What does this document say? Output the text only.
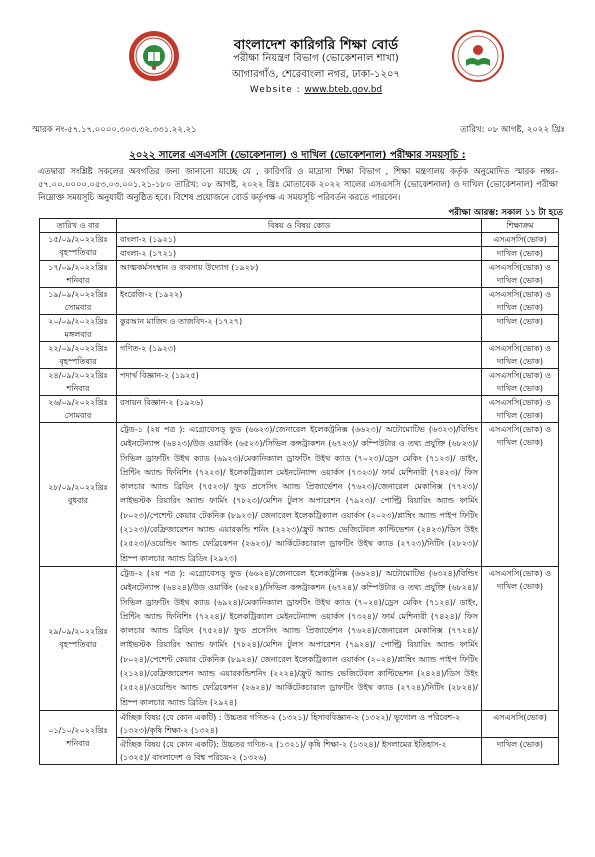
বাংলাদেশ কারিগরি শিক্ষা বোর্ড
পরীক্ষা নিয়ন্ত্রণ বিভাগ (ভোকেশনাল শাখা)
আগারগাঁও, শেরেবাংলা নগর, ঢাকা-১২০৭
Website : www.bteb.gov.bd
স্মারক নং-৫৭.১৭.০০০০.৩০৩.৩২.৩৩১.২২.২১	তারিখ: ০৮ আগষ্ট, ২০২২ খ্রিঃ
২০২২ সালের এসএসসি (ভোকেশনাল) ও দাখিল (ভোকেশনাল) পরীক্ষার সময়সূচি :
এতদ্বারা সংশ্লিষ্ট সকলের অবগতির জন্য জানানো যাচ্ছে যে , কারিগরি ও মাদ্রাসা শিক্ষা বিভাগ , শিক্ষা মন্ত্রণালয় কর্তৃক অনুমোদিত স্মারক নম্বর- ৫৭.০০.০০০০.০৫৩.০৩.০০১.২১-১৮০ তারিখ: ০৮ আগষ্ট, ২০২২ খ্রিঃ মোতাবেক ২০২২ সালের এসএসসি (ভোকেশনাল) ও দাখিল (ভোকেশনাল) পরীক্ষা নিম্নোক্ত সময়সূচি অনুযায়ী অনুষ্ঠিত হবে। বিশেষ প্রয়োজনে বোর্ড কর্তৃপক্ষ এ সময়সূচি পরিবর্তন করতে পারবেন।
পরীক্ষা আরম্ভ: সকাল ১১ টা হতে
তারিখ ও বার	বিষয় ও বিষয় কোড	শিক্ষাক্রম

১৫/০৯/২০২২খ্রিঃ
বৃহস্পতিবার	বাংলা-২ (১৯২১)	এসএসসি(ভোক)
	বাংলা-২ (১৭২১)	দাখিল (ভোক)

১৭/০৯/২০২২খ্রিঃ
শনিবার	আত্মকর্মসংস্থান ও ব্যবসায় উদ্যোগ (১৯২৮)	এসএসসি(ভোক) ও দাখিল (ভোক)

১৯/০৯/২০২২খ্রিঃ
সোমবার	ইংরেজি-২ (১৯২২)	এসএসসি(ভোক) ও দাখিল (ভোক)

২০/০৯/২০২২খ্রিঃ
মঙ্গলবার	কুরআন মাজিদ ও তাজবিদ-২ (১৭২৭)	দাখিল (ভোক)

২২/০৯/২০২২খ্রিঃ
বৃহস্পতিবার	গণিত-২ (১৯২৩)	এসএসসি(ভোক) ও দাখিল (ভোক)

২৪/০৯/২০২২খ্রিঃ
শনিবার	পদার্থ বিজ্ঞান-২ (১৯২৫)	এসএসসি(ভোক) ও দাখিল (ভোক)

২৬/০৯/২০২২খ্রিঃ
সোমবার	রসায়ন বিজ্ঞান-২ (১৯২৬)	এসএসসি(ভোক) ও দাখিল (ভোক)

২৮/০৯/২০২২খ্রিঃ
বুধবার	ট্রেড-১ (২য় পত্র ): এগ্রোবেসড্ ফুড (৬৬২৩)/জেনারেল ইলেকট্রনিক্স (৬৬২৩)/ অটোমোটিভ (৬৩২৩)/বিল্ডিং মেইনটেন্যান্স (৬৪২৩)/উড ওয়ার্কিং (৬৫২৩)/সিভিল কন্সট্রাকশন (৬৭২৩)/ কম্পিউটার ও তথ্য প্রযুক্তি (৬৮২৩)/সিভিল ড্রাফটিং উইথ ক্যাড (৬৯২৩)/মেকানিক্যাল ড্রাফটিং উইথ ক্যাড (৭০২৩)/ড্রেস মেকিং (৭১২৩)/ ডাইং, প্রিন্টিং অ্যান্ড ফিনিশিং (৭২২৩)/ ইলেকট্রিক্যাল মেইনটেন্যান্স ওয়ার্কস (৭৩২৩)/ ফার্ম মেশিনারী (৭৪২৩)/ ফিস কালচার অ্যান্ড ব্রিডিং (৭৫২৩)/ ফুড প্রসেসিং অ্যান্ড প্রিজার্ভেশন (৭৬২৩)/জেনারেল মেকানিক্স (৭৭২৩)/লাইভস্টক রিয়ারিং অ্যান্ড ফার্মিং (৭৮২৩)/মেশিন টুলস অপারেশন (৭৯২৩)/ পোল্ট্রি রিয়ারিং অ্যান্ড ফার্মিং (৮০২৩)/পেশেন্ট কেয়ার টেকনিক (৮৯২৩)/ জেনারেল ইলেকট্রিক্যাল ওয়ার্কস (২০২৩)/প্লাম্বিং অ্যান্ড পাইপ ফিটিং (২১২৩)/রেফ্রিজারেশন অ্যান্ড এয়ারকন্ডি শনিং (২২২৩)/ফ্রুট অ্যান্ড ভেজিটেবল কাল্টিভেশন (২৪২৩)/ডিস উইং (২৫২৩)/ওয়েল্ডিং অ্যান্ড ফেব্রিকেশন (২৬২৩)/ আর্কিটেকচারাল ড্রাফটিং উইথ ক্যাড (২৭২৩)/নিটিং (২৮২৩)/ শ্রিম্প কালচার অ্যান্ড ব্রিডিং (২৯২৩)	এসএসসি(ভোক) ও দাখিল (ভোক)

২৯/০৯/২০২২খ্রিঃ
বৃহস্পতিবার	ট্রেড-২ (২য় পত্র ): এগ্রোবেসড্ ফুড (৬৬২৪)/জেনারেল ইলেকট্রনিক্স (৬৬২৪)/ অটোমোটিভ (৬৩২৪)/বিল্ডিং মেইনটেন্যান্স (৬৪২৪)/উড ওয়ার্কিং (৬৫২৪)/সিভিল কন্সট্রাকশন (৬৭২৪)/ কম্পিউটার ও তথ্য প্রযুক্তি (৬৮২৪)/সিভিল ড্রাফটিং উইথ ক্যাড (৬৯২৪)/মেকানিক্যাল ড্রাফটিং উইথ ক্যাড (৭০২৪)/ড্রেস মেকিং (৭১২৪)/ ডাইং, প্রিন্টিং অ্যান্ড ফিনিশিং (৭২২৪)/ ইলেকট্রিক্যাল মেইনটেন্যান্স ওয়ার্কস (৭৩২৪)/ ফার্ম মেশিনারী (৭৪২৪)/ ফিস কালচার অ্যান্ড ব্রিডিং (৭৫২৪)/ ফুড প্রসেসিং অ্যান্ড প্রিজার্ভেশন (৭৬২৪)/জেনারেল মেকানিক্স (৭৭২৪)/লাইভস্টক রিয়ারিং অ্যান্ড ফার্মিং (৭৮২৪)/মেশিন টুলস অপারেশন (৭৯২৪)/ পোল্ট্রি রিয়ারিং অ্যান্ড ফার্মিং (৮০২৪)/পেশেন্ট কেয়ার টেকনিক (৮৯২৪)/ জেনারেল ইলেকট্রিক্যাল ওয়ার্কস (২০২৪)/প্লাম্বিং অ্যান্ড পাইপ ফিটিং (২১২৪)/রেফ্রিজারেশন অ্যান্ড এয়ারকন্ডিশনিং (২২২৪)/ফ্রুট অ্যান্ড ভেজিটেবল কাল্টিভেশন (২৪২৪)/ডিস উইং (২৫২৪)/ওয়েল্ডিং অ্যান্ড ফেব্রিকেশন (২৬২৪)/ আর্কিটেকচারাল ড্রাফটিং উইথ ক্যাড (২৭২৪)/নিটিং (২৮২৪)/ শ্রিম্প কালচার অ্যান্ড ব্রিডিং (২৯২৪)	এসএসসি(ভোক) ও দাখিল (ভোক)

০১/১০/২০২২খ্রিঃ
শনিবার	ঐচ্ছিক বিষয় (যে কোন একটি) : উচ্চতর গণিত-২ (১৩২১)/ হিসাববিজ্ঞান-২ (১৩২২)/ ভূগোল ও পরিবেশ-২ (১৩২৩)/কৃষি শিক্ষা-২ (১৩২৪)	এসএসসি(ভোক)
	ঐচ্ছিক বিষয় (যে কোন একটি): উচ্চতর গণিত-২ (১৩২১)/ কৃষি শিক্ষা-২ (১৩২৪)/ ইসলামের ইতিহাস-২ (১৩২৫)/ বাংলাদেশ ও বিশ্ব পরিচয়-২ (১৩২৬)	দাখিল (ভোক)
